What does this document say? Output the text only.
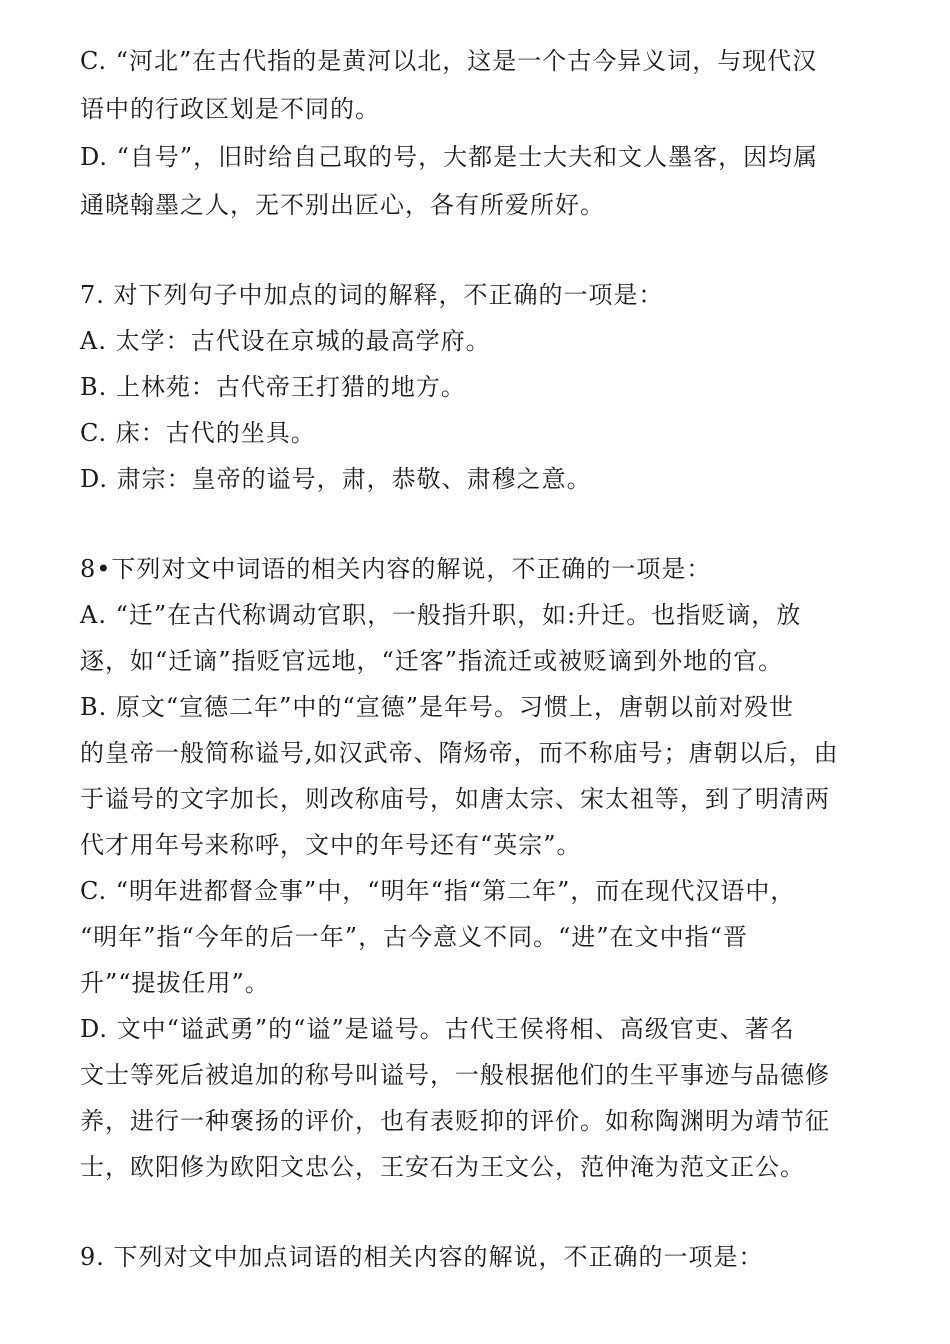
C. “河北”在古代指的是黄河以北，这是一个古今异义词，与现代汉
语中的行政区划是不同的。
D. “自号”，旧时给自己取的号，大都是士大夫和文人墨客，因均属
通晓翰墨之人，无不别出匠心，各有所爱所好。
7. 对下列句子中加点的词的解释，不正确的一项是：
A. 太学：古代设在京城的最高学府。
B. 上林苑：古代帝王打猎的地方。
C. 床：古代的坐具。
D. 肃宗：皇帝的谥号，肃，恭敬、肃穆之意。
8•下列对文中词语的相关内容的解说，不正确的一项是：
A. “迁”在古代称调动官职，一般指升职，如:升迁。也指贬谪，放
逐，如“迁谪”指贬官远地，“迁客”指流迁或被贬谪到外地的官。
B. 原文“宣德二年”中的“宣德”是年号。习惯上，唐朝以前对殁世
的皇帝一般简称谥号,如汉武帝、隋炀帝，而不称庙号；唐朝以后，由
于谥号的文字加长，则改称庙号，如唐太宗、宋太祖等，到了明清两
代才用年号来称呼，文中的年号还有“英宗”。
C. “明年进都督佥事”中，“明年“指“第二年”，而在现代汉语中，
“明年”指“今年的后一年”，古今意义不同。“进”在文中指“晋
升”“提拔任用”。
D. 文中“谥武勇”的“谥”是谥号。古代王侯将相、高级官吏、著名
文士等死后被追加的称号叫谥号，一般根据他们的生平事迹与品德修
养，进行一种褒扬的评价，也有表贬抑的评价。如称陶渊明为靖节征
士，欧阳修为欧阳文忠公，王安石为王文公，范仲淹为范文正公。
9. 下列对文中加点词语的相关内容的解说，不正确的一项是：
